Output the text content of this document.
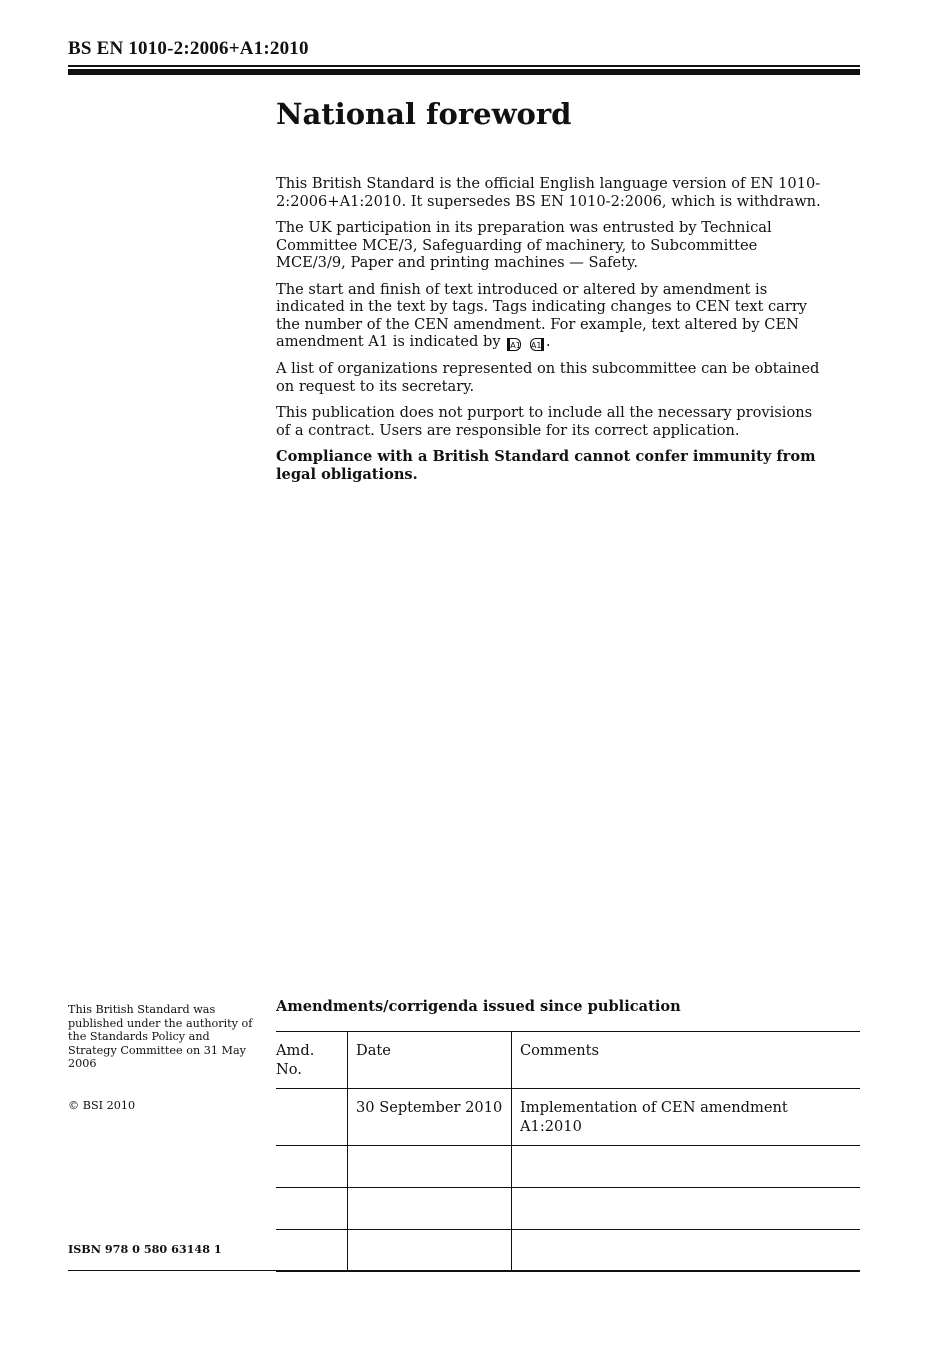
BS EN 1010-2:2006+A1:2010
National foreword

This British Standard is the official English language version of EN 1010-2:2006+A1:2010. It supersedes BS EN 1010-2:2006, which is withdrawn.

The UK participation in its preparation was entrusted by Technical Committee MCE/3, Safeguarding of machinery, to Subcommittee MCE/3/9, Paper and printing machines — Safety.

The start and finish of text introduced or altered by amendment is indicated in the text by tags. Tags indicating changes to CEN text carry the number of the CEN amendment. For example, text altered by CEN amendment A1 is indicated by A1 A1 .

A list of organizations represented on this subcommittee can be obtained on request to its secretary.

This publication does not purport to include all the necessary provisions of a contract. Users are responsible for its correct application.

Compliance with a British Standard cannot confer immunity from legal obligations.

This British Standard was published under the authority of the Standards Policy and Strategy Committee on 31 May 2006
© BSI 2010
ISBN 978 0 580 63148 1
Amendments/corrigenda issued since publication
Amd. No.	Date	Comments
	30 September 2010	Implementation of CEN amendment A1:2010
